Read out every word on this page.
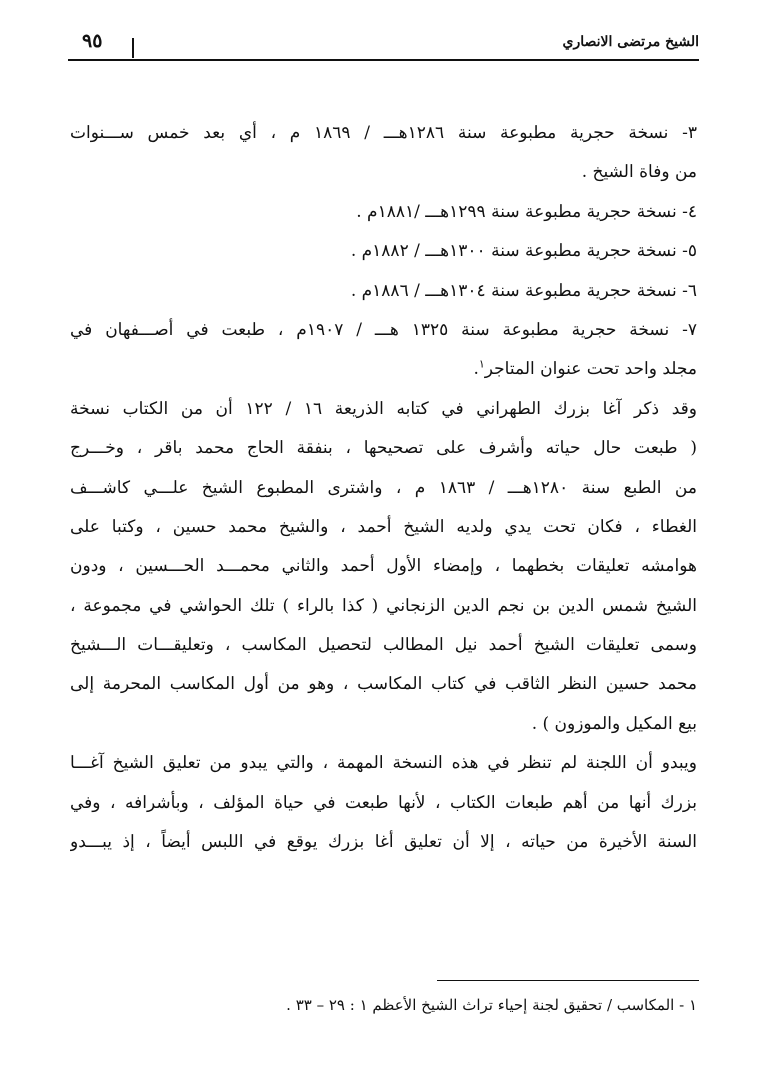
الشيخ مرتضى الانصاري
٩٥
٣- نسخة حجرية مطبوعة سنة ١٢٨٦هـــ / ١٨٦٩ م ، أي بعد خمس ســـنوات
من وفاة الشيخ .
٤- نسخة حجرية مطبوعة سنة ١٢٩٩هـــ /١٨٨١م .
٥- نسخة حجرية مطبوعة سنة ١٣٠٠هـــ / ١٨٨٢م .
٦- نسخة حجرية مطبوعة سنة ١٣٠٤هـــ / ١٨٨٦م .
٧- نسخة حجرية مطبوعة سنة ١٣٢٥ هـــ / ١٩٠٧م ، طبعت في أصـــفهان في
مجلد واحد تحت عنوان المتاجر$^١$.
وقد ذكر آغا بزرك الطهراني في كتابه الذريعة ١٦ / ١٢٢ أن من الكتاب نسخة
( طبعت حال حياته وأشرف على تصحيحها ، بنفقة الحاج محمد باقر ، وخـــرج
من الطبع سنة ١٢٨٠هـــ / ١٨٦٣ م ، واشترى المطبوع الشيخ علـــي كاشـــف
الغطاء ، فكان تحت يدي ولديه الشيخ أحمد ، والشيخ محمد حسين ، وكتبا على
هوامشه تعليقات بخطهما ، وإمضاء الأول أحمد والثاني محمـــد الحـــسين ، ودون
الشيخ شمس الدين بن نجم الدين الزنجاني ( كذا بالراء ) تلك الحواشي في مجموعة ،
وسمى تعليقات الشيخ أحمد نيل المطالب لتحصيل المكاسب ، وتعليقـــات الـــشيخ
محمد حسين النظر الثاقب في كتاب المكاسب ، وهو من أول المكاسب المحرمة إلى
بيع المكيل والموزون ) .
ويبدو أن اللجنة لم تنظر في هذه النسخة المهمة ، والتي يبدو من تعليق الشيخ آغـــا
بزرك أنها من أهم طبعات الكتاب ، لأنها طبعت في حياة المؤلف ، وبأشرافه ، وفي
السنة الأخيرة من حياته ، إلا أن تعليق أغا بزرك يوقع في اللبس أيضاً ، إذ يبـــدو
١ - المكاسب / تحقيق لجنة إحياء تراث الشيخ الأعظم ١ : ٢٩ – ٣٣ .
